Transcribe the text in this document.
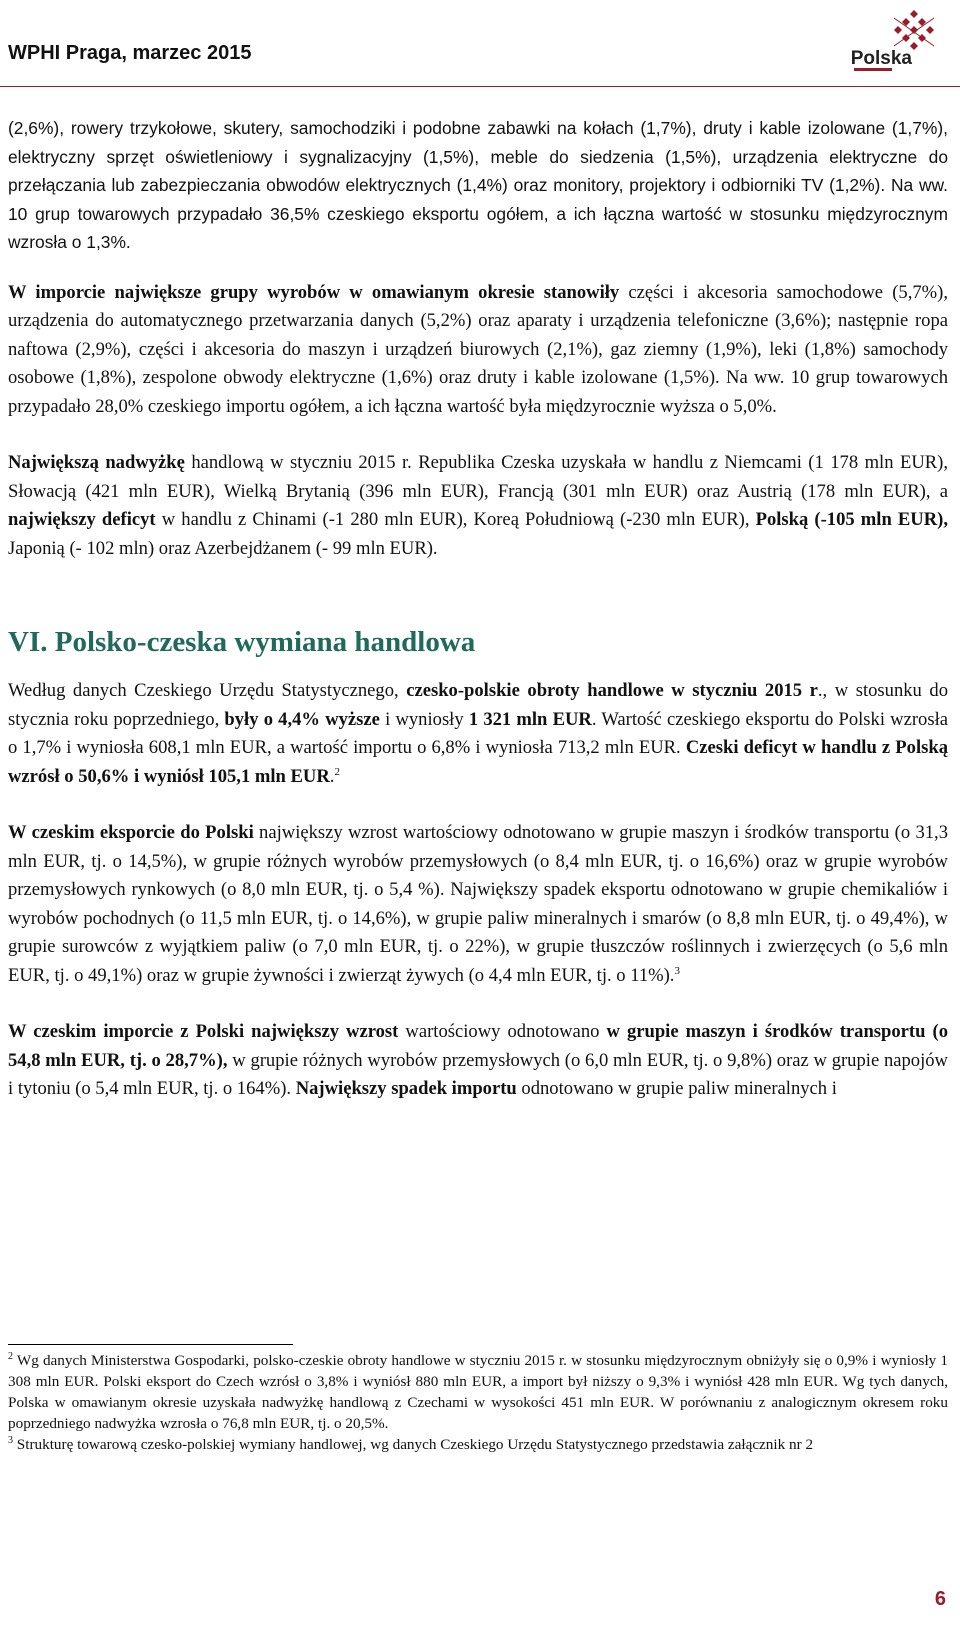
WPHI Praga, marzec 2015	Polska

(2,6%), rowery trzykołowe, skutery, samochodziki i podobne zabawki na kołach (1,7%), druty i kable izolowane (1,7%), elektryczny sprzęt oświetleniowy i sygnalizacyjny (1,5%), meble do siedzenia (1,5%), urządzenia elektryczne do przełączania lub zabezpieczania obwodów elektrycznych (1,4%) oraz monitory, projektory i odbiorniki TV (1,2%). Na ww. 10 grup towarowych przypadało 36,5% czeskiego eksportu ogółem, a ich łączna wartość w stosunku międzyrocznym wzrosła o 1,3%.

W imporcie największe grupy wyrobów w omawianym okresie stanowiły części i akcesoria samochodowe (5,7%), urządzenia do automatycznego przetwarzania danych (5,2%) oraz aparaty i urządzenia telefoniczne (3,6%); następnie ropa naftowa (2,9%), części i akcesoria do maszyn i urządzeń biurowych (2,1%), gaz ziemny (1,9%), leki (1,8%) samochody osobowe (1,8%), zespolone obwody elektryczne (1,6%) oraz druty i kable izolowane (1,5%). Na ww. 10 grup towarowych przypadało 28,0% czeskiego importu ogółem, a ich łączna wartość była międzyrocznie wyższa o 5,0%.

Największą nadwyżkę handlową w styczniu 2015 r. Republika Czeska uzyskała w handlu z Niemcami (1 178 mln EUR), Słowacją (421 mln EUR), Wielką Brytanią (396 mln EUR), Francją (301 mln EUR) oraz Austrią (178 mln EUR), a największy deficyt w handlu z Chinami (-1 280 mln EUR), Koreą Południową (-230 mln EUR), Polską (-105 mln EUR), Japonią (- 102 mln) oraz Azerbejdżanem (- 99 mln EUR).

VI. Polsko-czeska wymiana handlowa

Według danych Czeskiego Urzędu Statystycznego, czesko-polskie obroty handlowe w styczniu 2015 r., w stosunku do stycznia roku poprzedniego, były o 4,4% wyższe i wyniosły 1 321 mln EUR. Wartość czeskiego eksportu do Polski wzrosła o 1,7% i wyniosła 608,1 mln EUR, a wartość importu o 6,8% i wyniosła 713,2 mln EUR. Czeski deficyt w handlu z Polską wzrósł o 50,6% i wyniósł 105,1 mln EUR.$^2$

W czeskim eksporcie do Polski największy wzrost wartościowy odnotowano w grupie maszyn i środków transportu (o 31,3 mln EUR, tj. o 14,5%), w grupie różnych wyrobów przemysłowych (o 8,4 mln EUR, tj. o 16,6%) oraz w grupie wyrobów przemysłowych rynkowych (o 8,0 mln EUR, tj. o 5,4 %). Największy spadek eksportu odnotowano w grupie chemikaliów i wyrobów pochodnych (o 11,5 mln EUR, tj. o 14,6%), w grupie paliw mineralnych i smarów (o 8,8 mln EUR, tj. o 49,4%), w grupie surowców z wyjątkiem paliw (o 7,0 mln EUR, tj. o 22%), w grupie tłuszczów roślinnych i zwierzęcych (o 5,6 mln EUR, tj. o 49,1%) oraz w grupie żywności i zwierząt żywych (o 4,4 mln EUR, tj. o 11%).$^3$

W czeskim imporcie z Polski największy wzrost wartościowy odnotowano w grupie maszyn i środków transportu (o 54,8 mln EUR, tj. o 28,7%), w grupie różnych wyrobów przemysłowych (o 6,0 mln EUR, tj. o 9,8%) oraz w grupie napojów i tytoniu (o 5,4 mln EUR, tj. o 164%). Największy spadek importu odnotowano w grupie paliw mineralnych i

$^2$ Wg danych Ministerstwa Gospodarki, polsko-czeskie obroty handlowe w styczniu 2015 r. w stosunku międzyrocznym obniżyły się o 0,9% i wyniosły 1 308 mln EUR. Polski eksport do Czech wzrósł o 3,8% i wyniósł 880 mln EUR, a import był niższy o 9,3% i wyniósł 428 mln EUR. Wg tych danych, Polska w omawianym okresie uzyskała nadwyżkę handlową z Czechami w wysokości 451 mln EUR. W porównaniu z analogicznym okresem roku poprzedniego nadwyżka wzrosła o 76,8 mln EUR, tj. o 20,5%.

$^3$ Strukturę towarową czesko-polskiej wymiany handlowej, wg danych Czeskiego Urzędu Statystycznego przedstawia załącznik nr 2

6
